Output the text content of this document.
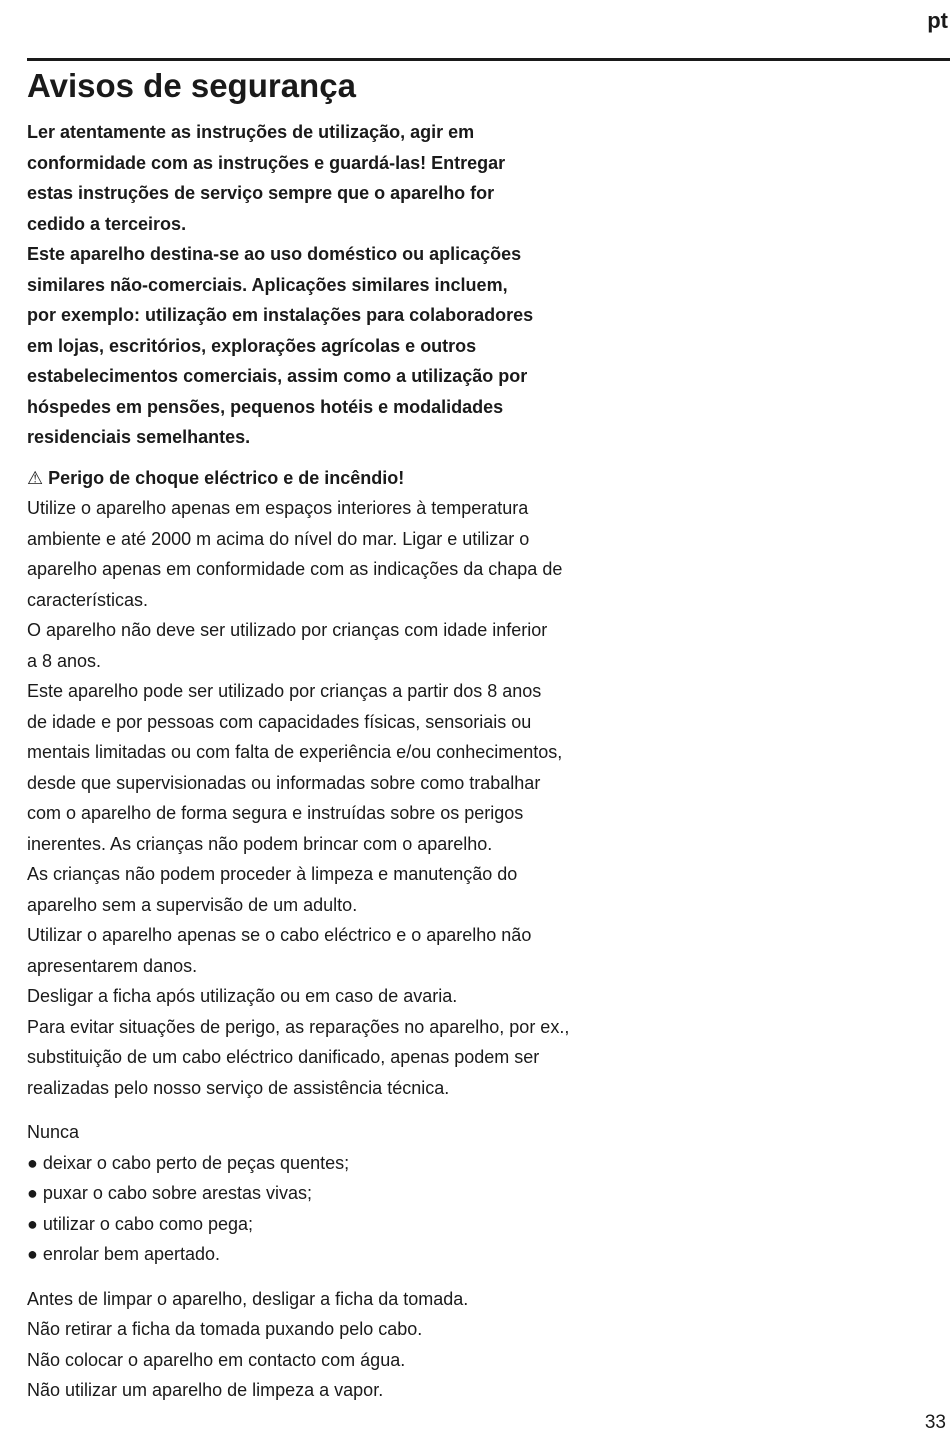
pt
Avisos de segurança
Ler atentamente as instruções de utilização, agir em
conformidade com as instruções e guardá-las! Entregar
estas instruções de serviço sempre que o aparelho for
cedido a terceiros.
Este aparelho destina-se ao uso doméstico ou aplicações
similares não-comerciais. Aplicações similares incluem,
por exemplo: utilização em instalações para colaboradores
em lojas, escritórios, explorações agrícolas e outros
estabelecimentos comerciais, assim como a utilização por
hóspedes em pensões, pequenos hotéis e modalidades
residenciais semelhantes.
⚠ Perigo de choque eléctrico e de incêndio!
Utilize o aparelho apenas em espaços interiores à temperatura
ambiente e até 2000 m acima do nível do mar. Ligar e utilizar o
aparelho apenas em conformidade com as indicações da chapa de
características.
O aparelho não deve ser utilizado por crianças com idade inferior
a 8 anos.
Este aparelho pode ser utilizado por crianças a partir dos 8 anos
de idade e por pessoas com capacidades físicas, sensoriais ou
mentais limitadas ou com falta de experiência e/ou conhecimentos,
desde que supervisionadas ou informadas sobre como trabalhar
com o aparelho de forma segura e instruídas sobre os perigos
inerentes. As crianças não podem brincar com o aparelho.
As crianças não podem proceder à limpeza e manutenção do
aparelho sem a supervisão de um adulto.
Utilizar o aparelho apenas se o cabo eléctrico e o aparelho não
apresentarem danos.
Desligar a ficha após utilização ou em caso de avaria.
Para evitar situações de perigo, as reparações no aparelho, por ex.,
substituição de um cabo eléctrico danificado, apenas podem ser
realizadas pelo nosso serviço de assistência técnica.
Nunca
● deixar o cabo perto de peças quentes;
● puxar o cabo sobre arestas vivas;
● utilizar o cabo como pega;
● enrolar bem apertado.
Antes de limpar o aparelho, desligar a ficha da tomada.
Não retirar a ficha da tomada puxando pelo cabo.
Não colocar o aparelho em contacto com água.
Não utilizar um aparelho de limpeza a vapor.
33
